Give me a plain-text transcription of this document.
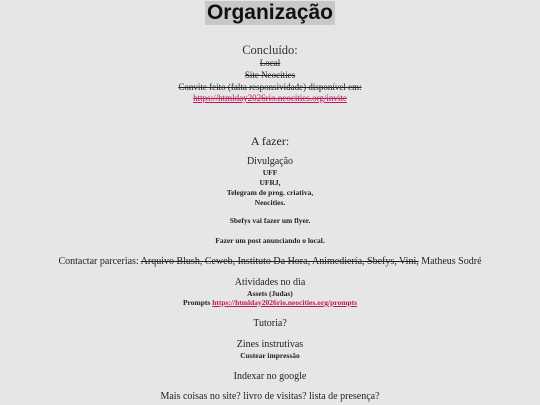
Organização
Concluído:
Local
Site Neocities
Convite feito (falta responsividade) disponível em:
https://htmlday2026rio.neocities.org/invite
A fazer:
Divulgação
UFF
UFRJ,
Telegram de prog. criativa,
Neocities.
Sbefys vai fazer um flyer.
Fazer um post anunciando o local.
Contactar parcerias: Arquivo Blush, Ceweb, Instituto Da Hora, Animediería, Sbefys, Vini, Matheus Sodré
Atividades no dia
Assets (Judas)
Prompts https://htmlday2026rio.neocities.org/prompts
Tutoria?
Zines instrutivas
Custear impressão
Indexar no google
Mais coisas no site? livro de visitas? lista de presença?
